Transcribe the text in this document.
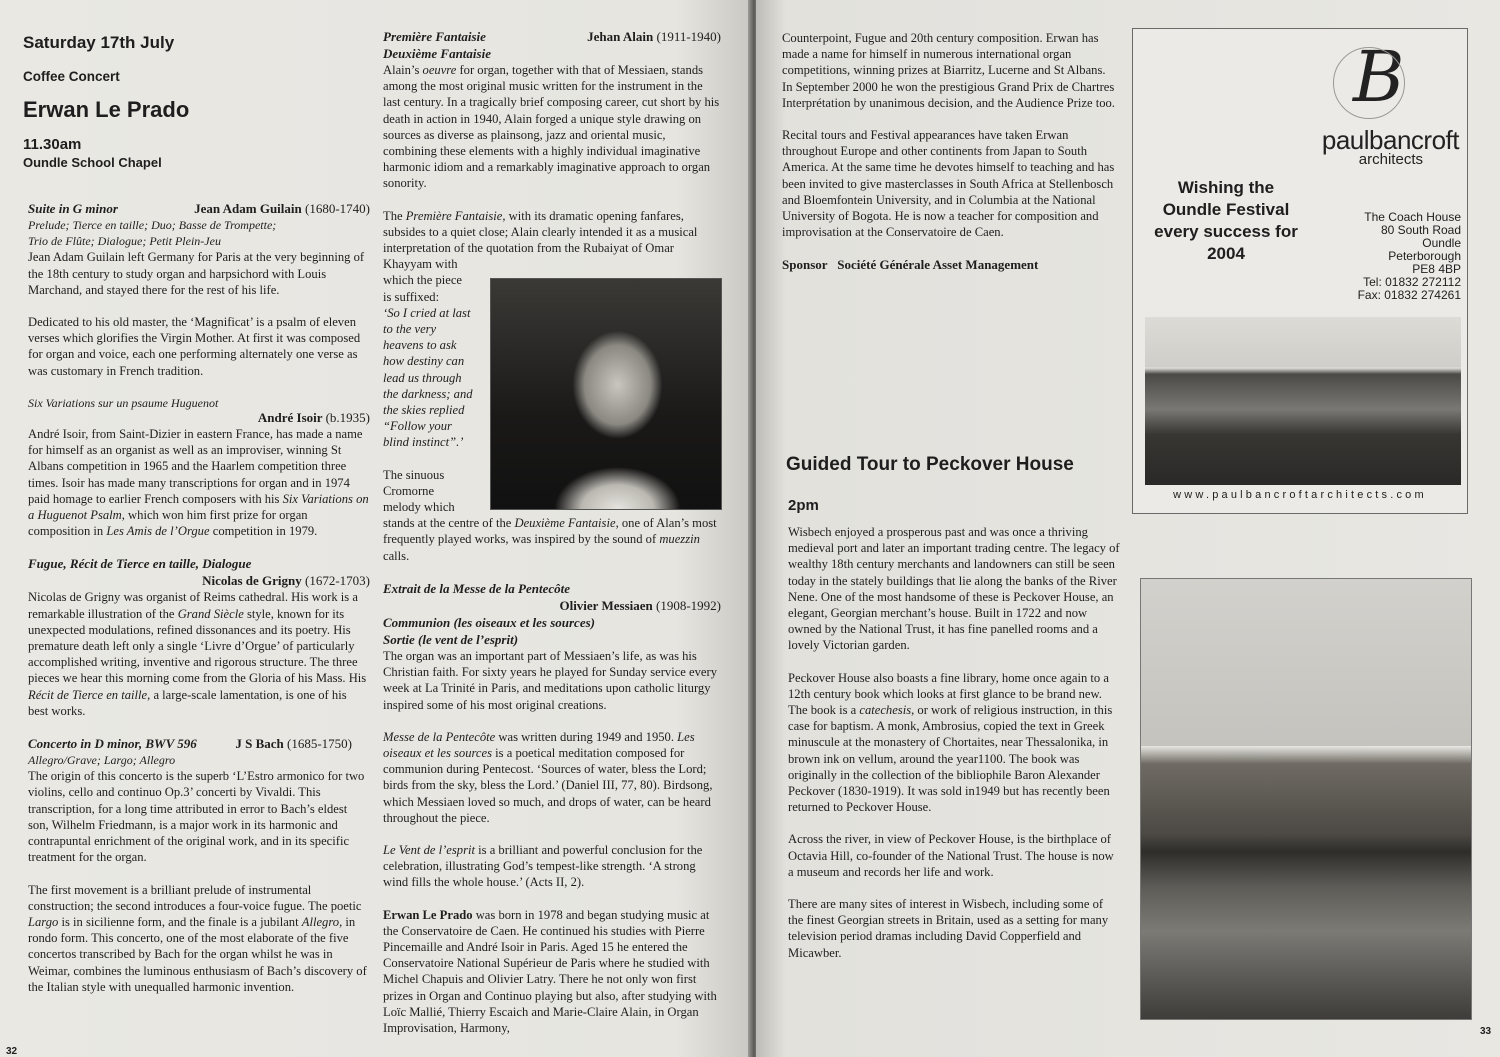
Saturday 17th July
Coffee Concert
Erwan Le Prado
11.30am
Oundle School Chapel
Suite in G minor	Jean Adam Guilain (1680-1740)
Prelude; Tierce en taille; Duo; Basse de Trompette;
Trio de Flûte; Dialogue; Petit Plein-Jeu

Jean Adam Guilain left Germany for Paris at the very beginning of the 18th century to study organ and harpsichord with Louis Marchand, and stayed there for the rest of his life.

Dedicated to his old master, the ‘Magnificat’ is a psalm of eleven verses which glorifies the Virgin Mother. At first it was composed for organ and voice, each one performing alternately one verse as was customary in French tradition.

Six Variations sur un psaume Huguenot
André Isoir (b.1935)

André Isoir, from Saint-Dizier in eastern France, has made a name for himself as an organist as well as an improviser, winning St Albans competition in 1965 and the Haarlem competition three times. Isoir has made many transcriptions for organ and in 1974 paid homage to earlier French composers with his Six Variations on a Huguenot Psalm, which won him first prize for organ composition in Les Amis de l’Orgue competition in 1979.

Fugue, Récit de Tierce en taille, Dialogue
Nicolas de Grigny (1672-1703)

Nicolas de Grigny was organist of Reims cathedral. His work is a remarkable illustration of the Grand Siècle style, known for its unexpected modulations, refined dissonances and its poetry. His premature death left only a single ‘Livre d’Orgue’ of particularly accomplished writing, inventive and rigorous structure. The three pieces we hear this morning come from the Gloria of his Mass. His Récit de Tierce en taille, a large-scale lamentation, is one of his best works.

Concerto in D minor, BWV 596	J S Bach (1685-1750)
Allegro/Grave; Largo; Allegro

The origin of this concerto is the superb ‘L’Estro armonico for two violins, cello and continuo Op.3’ concerti by Vivaldi. This transcription, for a long time attributed in error to Bach’s eldest son, Wilhelm Friedmann, is a major work in its harmonic and contrapuntal enrichment of the original work, and in its specific treatment for the organ.

The first movement is a brilliant prelude of instrumental construction; the second introduces a four-voice fugue. The poetic Largo is in sicilienne form, and the finale is a jubilant Allegro, in rondo form. This concerto, one of the most elaborate of the five concertos transcribed by Bach for the organ whilst he was in Weimar, combines the luminous enthusiasm of Bach’s discovery of the Italian style with unequalled harmonic invention.

Première Fantaisie	Jehan Alain (1911-1940)
Deuxième Fantaisie

Alain’s oeuvre for organ, together with that of Messiaen, stands among the most original music written for the instrument in the last century. In a tragically brief composing career, cut short by his death in action in 1940, Alain forged a unique style drawing on sources as diverse as plainsong, jazz and oriental music, combining these elements with a highly individual imaginative harmonic idiom and a remarkably imaginative approach to organ sonority.

The Première Fantaisie, with its dramatic opening fanfares, subsides to a quiet close; Alain clearly intended it as a musical interpretation of the quotation from the Rubaiyat of Omar

Khayyam with
which the piece
is suffixed:
‘So I cried at last
to the very
heavens to ask
how destiny can
lead us through
the darkness; and
the skies replied
“Follow your
blind instinct”.’
The sinuous
Cromorne
melody which

stands at the centre of the Deuxième Fantaisie, one of Alan’s most frequently played works, was inspired by the sound of muezzin calls.

Extrait de la Messe de la Pentecôte
Olivier Messiaen (1908-1992)
Communion (les oiseaux et les sources)
Sortie (le vent de l’esprit)

The organ was an important part of Messiaen’s life, as was his Christian faith. For sixty years he played for Sunday service every week at La Trinité in Paris, and meditations upon catholic liturgy inspired some of his most original creations.

Messe de la Pentecôte was written during 1949 and 1950. Les oiseaux et les sources is a poetical meditation composed for communion during Pentecost. ‘Sources of water, bless the Lord; birds from the sky, bless the Lord.’ (Daniel III, 77, 80). Birdsong, which Messiaen loved so much, and drops of water, can be heard throughout the piece.

Le Vent de l’esprit is a brilliant and powerful conclusion for the celebration, illustrating God’s tempest-like strength. ‘A strong wind fills the whole house.’ (Acts II, 2).

Erwan Le Prado was born in 1978 and began studying music at the Conservatoire de Caen. He continued his studies with Pierre Pincemaille and André Isoir in Paris. Aged 15 he entered the Conservatoire National Supérieur de Paris where he studied with Michel Chapuis and Olivier Latry. There he not only won first prizes in Organ and Continuo playing but also, after studying with Loïc Mallié, Thierry Escaich and Marie-Claire Alain, in Organ Improvisation, Harmony,

32

Counterpoint, Fugue and 20th century composition. Erwan has made a name for himself in numerous international organ competitions, winning prizes at Biarritz, Lucerne and St Albans. In September 2000 he won the prestigious Grand Prix de Chartres Interprétation by unanimous decision, and the Audience Prize too.

Recital tours and Festival appearances have taken Erwan throughout Europe and other continents from Japan to South America. At the same time he devotes himself to teaching and has been invited to give masterclasses in South Africa at Stellenbosch and Bloemfontein University, and in Columbia at the National University of Bogota. He is now a teacher for composition and improvisation at the Conservatoire de Caen.

Sponsor Société Générale Asset Management
B
paulbancroft
architects
Wishing the Oundle Festival every success for 2004
The Coach House
80 South Road
Oundle
Peterborough
PE8 4BP
Tel: 01832 272112
Fax: 01832 274261
www.paulbancroftarchitects.com
Guided Tour to Peckover House
2pm

Wisbech enjoyed a prosperous past and was once a thriving medieval port and later an important trading centre. The legacy of wealthy 18th century merchants and landowners can still be seen today in the stately buildings that lie along the banks of the River Nene. One of the most handsome of these is Peckover House, an elegant, Georgian merchant’s house. Built in 1722 and now owned by the National Trust, it has fine panelled rooms and a lovely Victorian garden.

Peckover House also boasts a fine library, home once again to a 12th century book which looks at first glance to be brand new. The book is a catechesis, or work of religious instruction, in this case for baptism. A monk, Ambrosius, copied the text in Greek minuscule at the monastery of Chortaites, near Thessalonika, in brown ink on vellum, around the year1100. The book was originally in the collection of the bibliophile Baron Alexander Peckover (1830-1919). It was sold in1949 but has recently been returned to Peckover House.

Across the river, in view of Peckover House, is the birthplace of Octavia Hill, co-founder of the National Trust. The house is now a museum and records her life and work.

There are many sites of interest in Wisbech, including some of the finest Georgian streets in Britain, used as a setting for many television period dramas including David Copperfield and Micawber.

33
